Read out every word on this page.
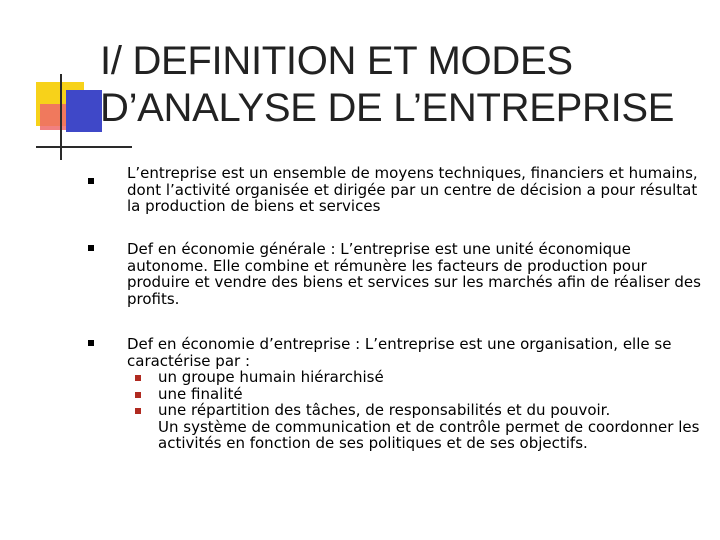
I/ DEFINITION ET MODES
D’ANALYSE DE L’ENTREPRISE
L’entreprise est un ensemble de moyens techniques, financiers et humains, dont l’activité organisée et dirigée par un centre de décision a pour résultat la production de biens et services
Def en économie générale : L’entreprise est une unité économique autonome. Elle combine et rémunère les facteurs de production pour produire et vendre des biens et services sur les marchés afin de réaliser des profits.
Def en économie d’entreprise : L’entreprise est une organisation, elle se caractérise par :
un groupe humain hiérarchisé
une finalité
une répartition des tâches, de responsabilités et du pouvoir.
Un système de communication et de contrôle permet de coordonner les activités en fonction de ses politiques et de ses objectifs.
